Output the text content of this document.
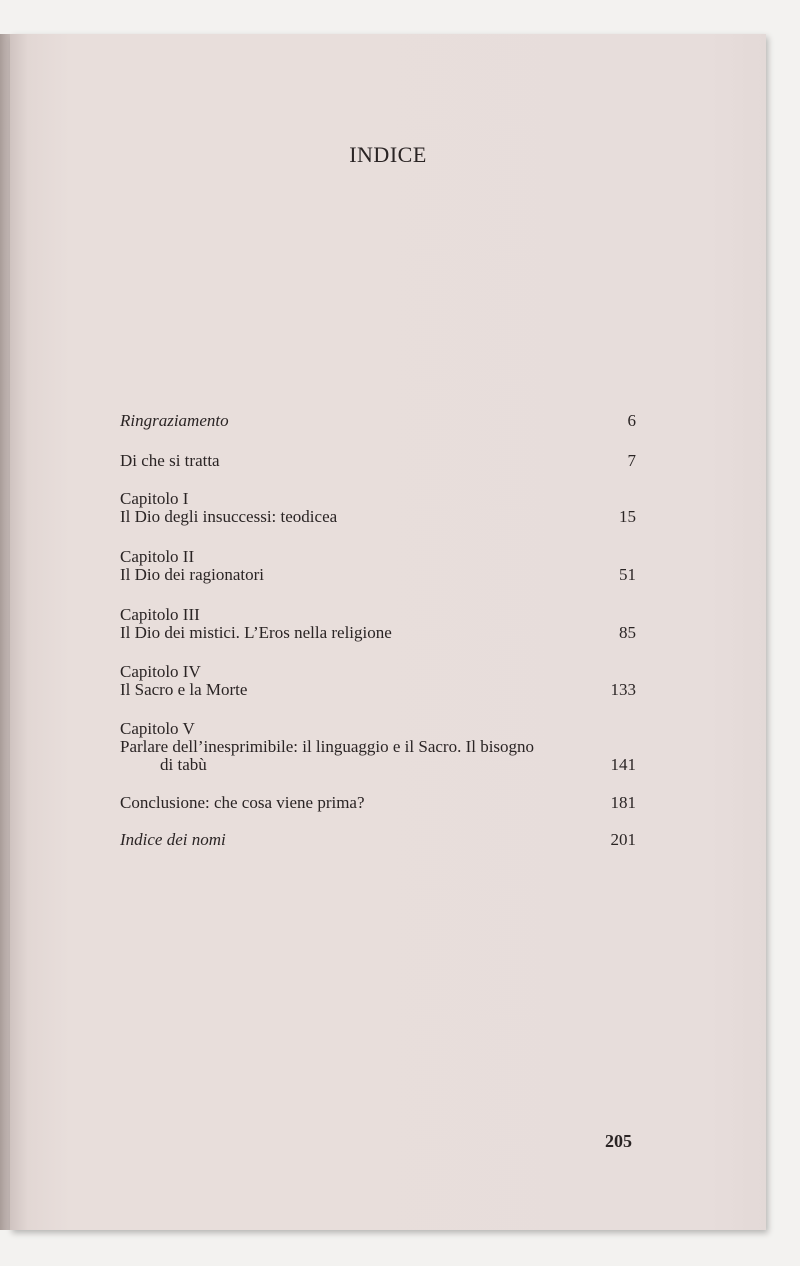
INDICE
Ringraziamento	6
Di che si tratta	7
Capitolo I
Il Dio degli insuccessi: teodicea	15
Capitolo II
Il Dio dei ragionatori	51
Capitolo III
Il Dio dei mistici. L’Eros nella religione	85
Capitolo IV
Il Sacro e la Morte	133
Capitolo V
Parlare dell’inesprimibile: il linguaggio e il Sacro. Il bisogno
di tabù	141
Conclusione: che cosa viene prima?	181
Indice dei nomi	201
205
